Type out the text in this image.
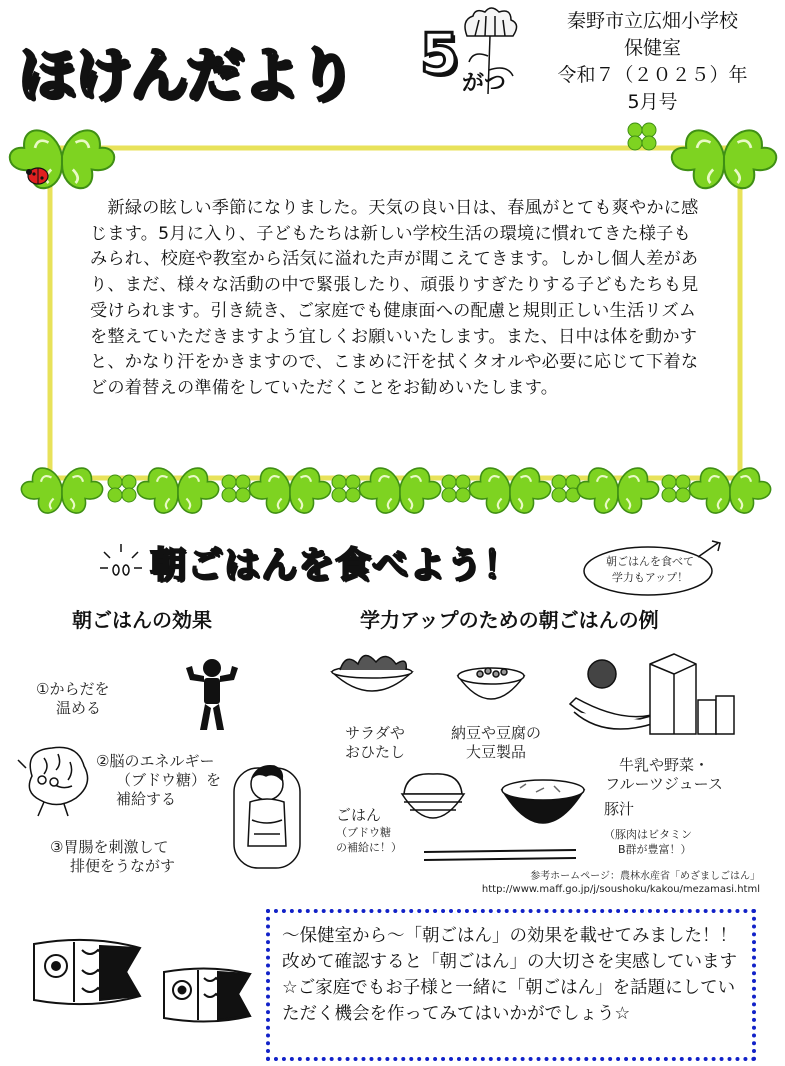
ほけんだより 5 がつ
秦野市立広畑小学校
保健室
令和７（２０２５）年
5月号

　新緑の眩しい季節になりました。天気の良い日は、春風がとても爽やかに感じます。5月に入り、子どもたちは新しい学校生活の環境に慣れてきた様子もみられ、校庭や教室から活気に溢れた声が聞こえてきます。しかし個人差があり、まだ、様々な活動の中で緊張したり、頑張りすぎたりする子どもたちも見受けられます。引き続き、ご家庭でも健康面への配慮と規則正しい生活リズムを整えていただきますよう宜しくお願いいたします。また、日中は体を動かすと、かなり汗をかきますので、こまめに汗を拭くタオルや必要に応じて下着などの着替えの準備をしていただくことをお勧めいたします。

朝ごはんを食べよう！	朝ごはんを食べて
学力もアップ！
朝ごはんの効果	学力アップのための朝ごはんの例
①からだを
温める
②脳のエネルギー
（ブドウ糖）を
補給する
③胃腸を刺激して
排便をうながす
サラダや
おひたし
納豆や豆腐の
大豆製品
牛乳や野菜・
フルーツジュース
ごはん
（ブドウ糖
の補給に！）
豚汁
（豚肉はビタミン
B群が豊富！）
参考ホームページ：農林水産省「めざましごはん」
http://www.maff.go.jp/j/soushoku/kakou/mezamasi.html

～保健室から～「朝ごはん」の効果を載せてみました！！改めて確認すると「朝ごはん」の大切さを実感しています☆ご家庭でもお子様と一緒に「朝ごはん」を話題にしていただく機会を作ってみてはいかがでしょう☆
